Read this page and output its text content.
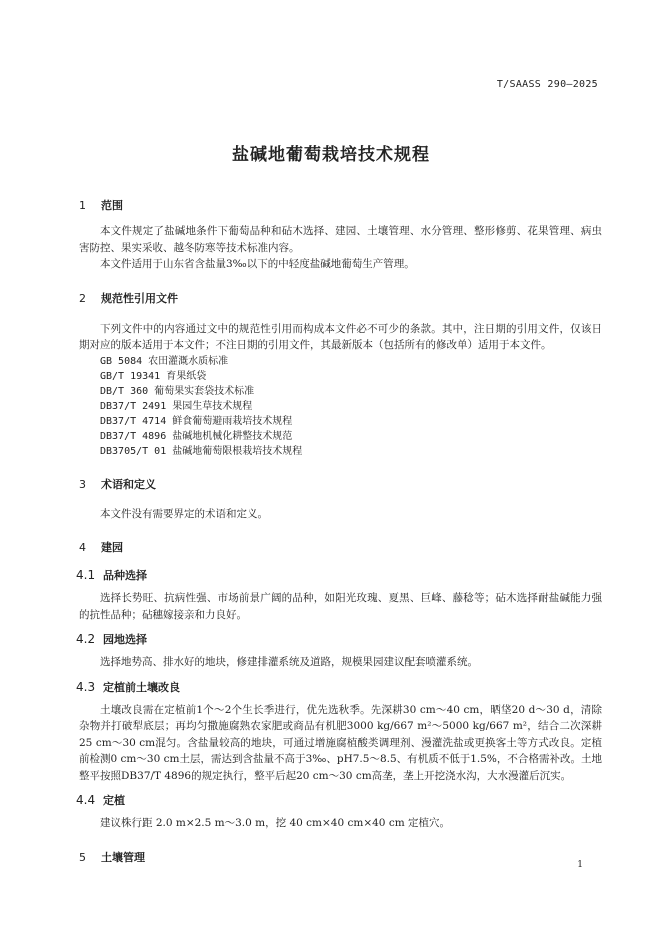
T/SAASS 290—2025
盐碱地葡萄栽培技术规程
1 范围

本文件规定了盐碱地条件下葡萄品种和砧木选择、建园、土壤管理、水分管理、整形修剪、花果管理、病虫害防控、果实采收、越冬防寒等技术标准内容。

本文件适用于山东省含盐量3‰以下的中轻度盐碱地葡萄生产管理。

2 规范性引用文件

下列文件中的内容通过文中的规范性引用而构成本文件必不可少的条款。其中，注日期的引用文件，仅该日期对应的版本适用于本文件；不注日期的引用文件，其最新版本（包括所有的修改单）适用于本文件。

GB 5084 农田灌溉水质标准
GB/T 19341 育果纸袋
DB/T 360 葡萄果实套袋技术标准
DB37/T 2491 果园生草技术规程
DB37/T 4714 鲜食葡萄避雨栽培技术规程
DB37/T 4896 盐碱地机械化耕整技术规范
DB3705/T 01 盐碱地葡萄限根栽培技术规程
3 术语和定义

本文件没有需要界定的术语和定义。

4 建园
4.1 品种选择

选择长势旺、抗病性强、市场前景广阔的品种，如阳光玫瑰、夏黑、巨峰、藤稔等；砧木选择耐盐碱能力强的抗性品种；砧穗嫁接亲和力良好。

4.2 园地选择

选择地势高、排水好的地块，修建排灌系统及道路，规模果园建议配套喷灌系统。

4.3 定植前土壤改良

土壤改良需在定植前1个～2个生长季进行，优先选秋季。先深耕30 cm～40 cm，晒垡20 d～30 d，清除杂物并打破犁底层；再均匀撒施腐熟农家肥或商品有机肥3000 kg/667 m²～5000 kg/667 m²，结合二次深耕25 cm～30 cm混匀。含盐量较高的地块，可通过增施腐植酸类调理剂、漫灌洗盐或更换客土等方式改良。定植前检测0 cm～30 cm土层，需达到含盐量不高于3‰、pH7.5～8.5、有机质不低于1.5%，不合格需补改。土地整平按照DB37/T 4896的规定执行，整平后起20 cm～30 cm高垄，垄上开挖浇水沟，大水漫灌后沉实。

4.4 定植

建议株行距 2.0 m×2.5 m～3.0 m，挖 40 cm×40 cm×40 cm 定植穴。

5 土壤管理
1
